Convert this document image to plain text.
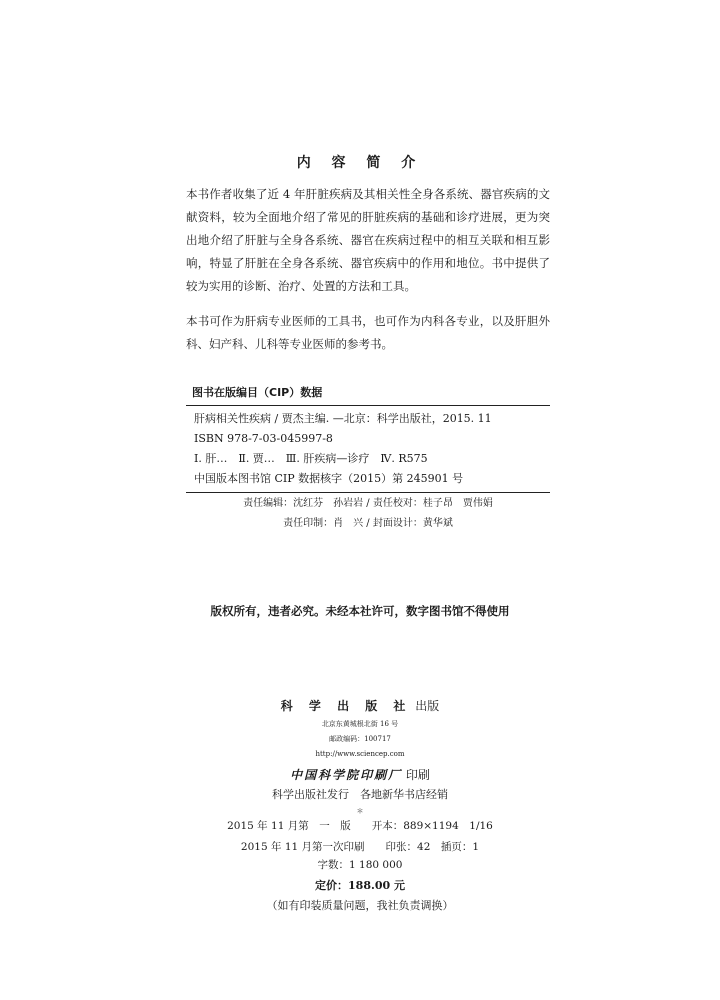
内 容 简 介

本书作者收集了近 4 年肝脏疾病及其相关性全身各系统、器官疾病的文献资料，较为全面地介绍了常见的肝脏疾病的基础和诊疗进展，更为突出地介绍了肝脏与全身各系统、器官在疾病过程中的相互关联和相互影响，特显了肝脏在全身各系统、器官疾病中的作用和地位。书中提供了较为实用的诊断、治疗、处置的方法和工具。

本书可作为肝病专业医师的工具书，也可作为内科各专业，以及肝胆外科、妇产科、儿科等专业医师的参考书。

图书在版编目（CIP）数据
肝病相关性疾病 / 贾杰主编. —北京：科学出版社，2015. 11
ISBN 978-7-03-045997-8
Ⅰ. 肝…　Ⅱ. 贾…　Ⅲ. 肝疾病—诊疗　Ⅳ. R575
中国版本图书馆 CIP 数据核字（2015）第 245901 号
责任编辑：沈红芬　孙岩岩 / 责任校对：桂子昂　贾伟娟
责任印制：肖　兴 / 封面设计：黄华斌
版权所有，违者必究。未经本社许可，数字图书馆不得使用
科 学 出 版 社 出版
北京东黄城根北街 16 号
邮政编码：100717
http://www.sciencep.com
中国科学院印刷厂 印刷
科学出版社发行　各地新华书店经销
＊
2015 年 11 月第　一　版　　开本：889×1194　1/16
2015 年 11 月第一次印刷　　印张：42　插页：1
字数：1 180 000
定价：188.00 元
（如有印装质量问题，我社负责调换）
